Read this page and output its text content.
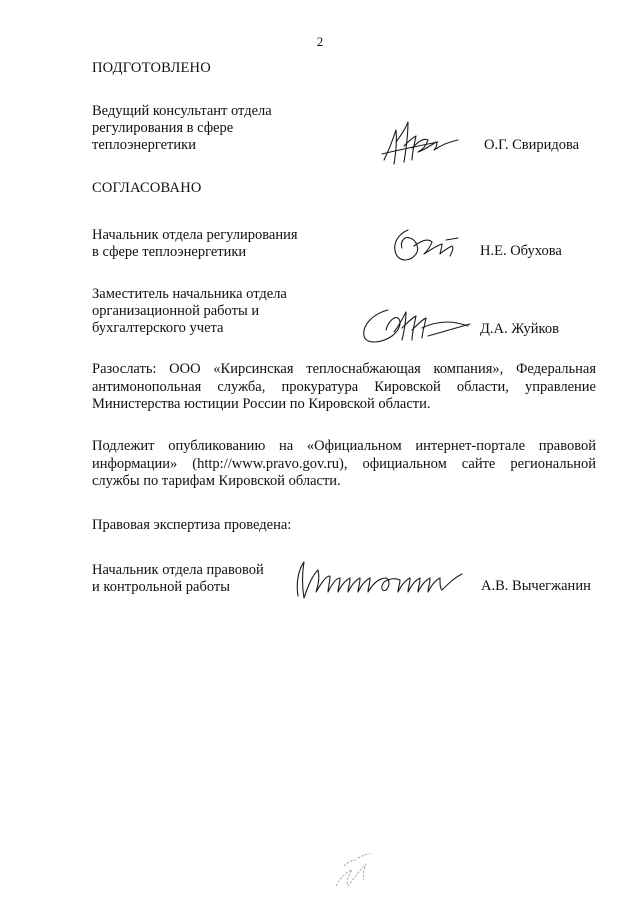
2
ПОДГОТОВЛЕНО
Ведущий консультант отдела
регулирования в сфере
теплоэнергетики	О.Г. Свиридова
СОГЛАСОВАНО
Начальник отдела регулирования
в сфере теплоэнергетики	Н.Е. Обухова
Заместитель начальника отдела
организационной работы и
бухгалтерского учета	Д.А. Жуйков
Разослать: ООО «Кирсинская теплоснабжающая компания», Федеральная
антимонопольная служба, прокуратура Кировской области, управление
Министерства юстиции России по Кировской области.
Подлежит опубликованию на «Официальном интернет-портале правовой
информации» (http://www.pravo.gov.ru), официальном сайте региональной
службы по тарифам Кировской области.
Правовая экспертиза проведена:
Начальник отдела правовой
и контрольной работы	А.В. Вычегжанин
